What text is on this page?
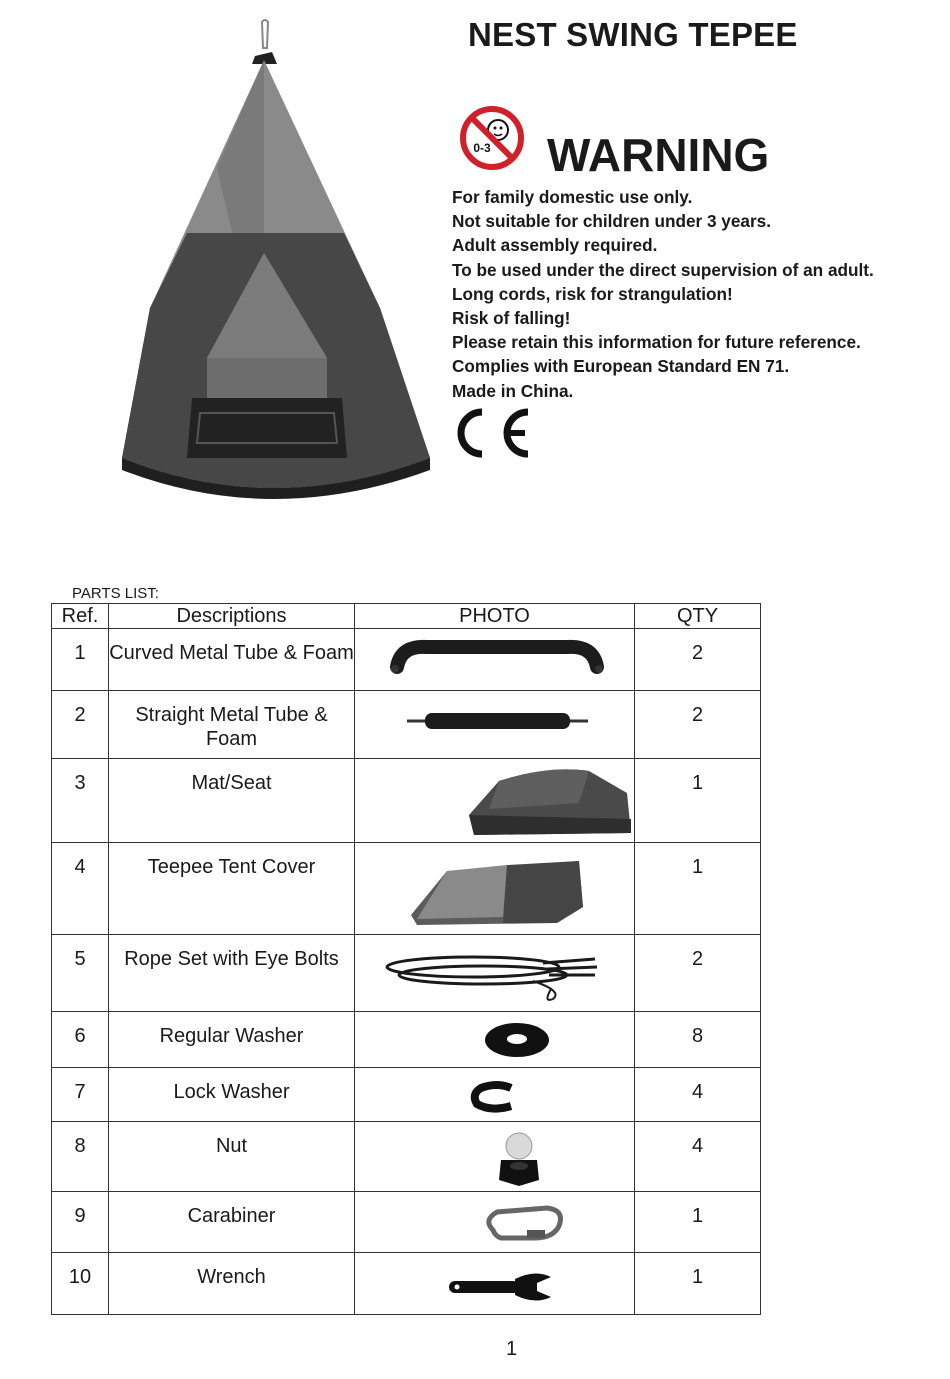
NEST SWING TEPEE
0-3 WARNING
For family domestic use only.
Not suitable for children under 3 years.
Adult assembly required.
To be used under the direct supervision of an adult.
Long cords, risk for strangulation!
Risk of falling!
Please retain this information for future reference.
Complies with European Standard EN 71.
Made in China.
PARTS LIST:
Ref.	Descriptions	PHOTO	QTY
1	Curved Metal Tube & Foam		2
2	Straight Metal Tube & Foam		2
3	Mat/Seat		1
4	Teepee Tent Cover		1
5	Rope Set with Eye Bolts		2
6	Regular Washer		8
7	Lock Washer		4
8	Nut		4
9	Carabiner		1
10	Wrench		1
1
